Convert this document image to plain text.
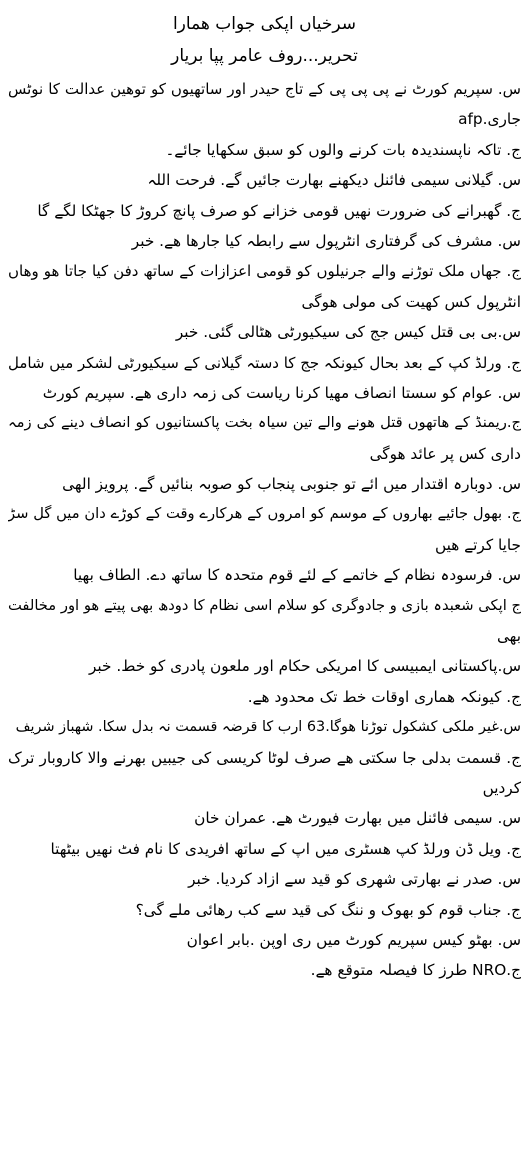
سرخیاں اپکی جواب ھمارا

تحریر...روف عامر پپا بریار

س. سپریم کورٹ نے پی پی پی کے تاج حیدر اور ساتھیوں کو توھین عدالت کا نوٹس
جاری.afp
ج. تاکہ ناپسندیدہ بات کرنے والوں کو سبق سکھایا جائے۔
س. گیلانی سیمی فائنل دیکھنے بھارت جائیں گے. فرحت اللہ
ج. گھبرانے کی ضرورت نھیں قومی خزانے کو صرف پانچ کروڑ کا جھٹکا لگے گا
س. مشرف کی گرفتاری انٹرپول سے رابطہ کیا جارھا ھے. خبر
ج. جھاں ملک توڑنے والے جرنیلوں کو قومی اعزازات کے ساتھ دفن کیا جاتا ھو وھاں
انٹرپول کس کھیت کی مولی ھوگی
س.بی بی قتل کیس جج کی سیکیورٹی ھٹالی گئی. خبر
ج. ورلڈ کپ کے بعد بحال کیونکہ جج کا دستہ گیلانی کے سیکیورٹی لشکر میں شامل
س. عوام کو سستا انصاف مھیا کرنا ریاست کی زمہ داری ھے. سپریم کورٹ
ج.ریمنڈ کے ھاتھوں قتل ھونے والے تین سیاہ بخت پاکستانیوں کو انصاف دینے کی زمہ
داری کس پر عائد ھوگی
س. دوبارہ اقتدار میں ائے تو جنوبی پنجاب کو صوبہ بنائیں گے. پرویز الھی
ج. بھول جائیے بھاروں کے موسم کو امروں کے ھرکارے وقت کے کوڑے دان میں گل سڑ
جایا کرتے ھیں
س. فرسودہ نظام کے خاتمے کے لئے قوم متحدہ کا ساتھ دے. الطاف بھیا
ج اپکی شعبدہ بازی و جادوگری کو سلام اسی نظام کا دودھ بھی پیتے ھو اور مخالفت
بھی
س.پاکستانی ایمبیسی کا امریکی حکام اور ملعون پادری کو خط. خبر
ج. کیونکہ ھماری اوقات خط تک محدود ھے.
س.غیر ملکی کشکول توڑنا ھوگا.63 ارب کا قرضہ قسمت نہ بدل سکا. شھباز شریف
ج. قسمت بدلی جا سکتی ھے صرف لوٹا کریسی کی جیبیں بھرنے والا کاروبار ترک
کردیں
س. سیمی فائنل میں بھارت فیورٹ ھے. عمران خان
ج. ویل ڈن ورلڈ کپ ھسٹری میں اپ کے ساتھ افریدی کا نام فٹ نھیں بیٹھتا
س. صدر نے بھارتی شھری کو قید سے ازاد کردیا. خبر
ج. جناب قوم کو بھوک و ننگ کی قید سے کب رھائی ملے گی؟
س. بھٹو کیس سپریم کورٹ میں ری اوپن .بابر اعوان
ج.NRO طرز کا فیصلہ متوقع ھے.
